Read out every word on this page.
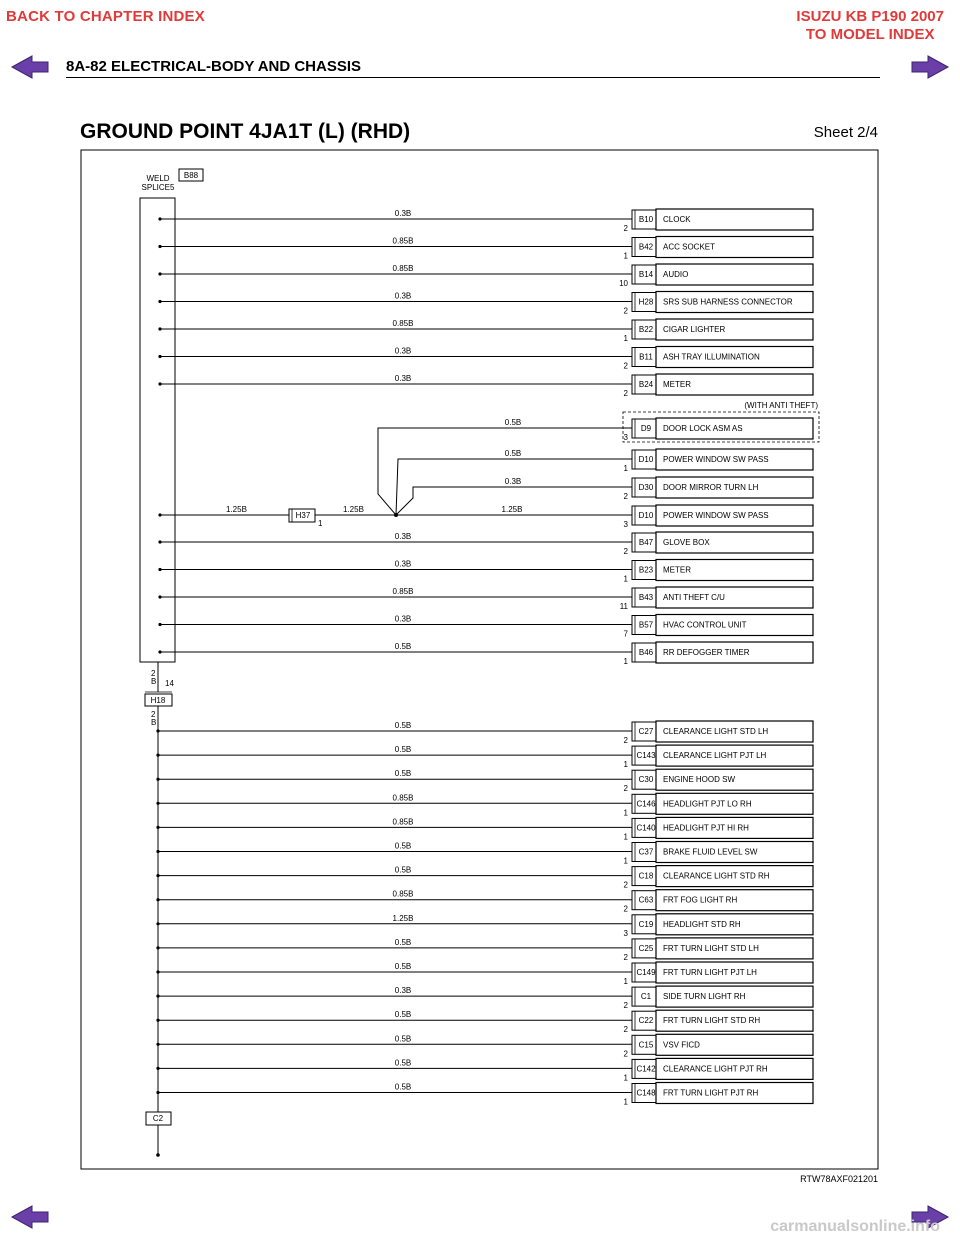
BACK TO CHAPTER INDEX	ISUZU KB P190 2007
TO MODEL INDEX
8A-82 ELECTRICAL-BODY AND CHASSIS
GROUND POINT 4JA1T (L) (RHD)	Sheet 2/4
WELD
SPLICE5
B88
(WITH ANTI THEFT)
H37
1
1.25B	1.25B
2
B 14
H18
2
B
C2
0.3B
2
B10 CLOCK
0.85B
1
B42 ACC SOCKET
0.85B
10
B14 AUDIO
0.3B
2
H28 SRS SUB HARNESS CONNECTOR
0.85B
1
B22 CIGAR LIGHTER
0.3B
2
B11 ASH TRAY ILLUMINATION
0.3B
2
B24 METER
0.5B
3
D9 DOOR LOCK ASM AS
0.5B
1
D10 POWER WINDOW SW PASS
0.3B
2
D30 DOOR MIRROR TURN LH
1.25B
3
D10 POWER WINDOW SW PASS
0.3B
2
B47 GLOVE BOX
0.3B
1
B23 METER
0.85B
11
B43 ANTI THEFT C/U
0.3B
7
B57 HVAC CONTROL UNIT
0.5B
1
B46 RR DEFOGGER TIMER
0.5B
2
C27 CLEARANCE LIGHT STD LH
0.5B
1
C143 CLEARANCE LIGHT PJT LH
0.5B
2
C30 ENGINE HOOD SW
0.85B
1
C146 HEADLIGHT PJT LO RH
0.85B
1
C140 HEADLIGHT PJT HI RH
0.5B
1
C37 BRAKE FLUID LEVEL SW
0.5B
2
C18 CLEARANCE LIGHT STD RH
0.85B
2
C63 FRT FOG LIGHT RH
1.25B
3
C19 HEADLIGHT STD RH
0.5B
2
C25 FRT TURN LIGHT STD LH
0.5B
1
C149 FRT TURN LIGHT PJT LH
0.3B
2
C1 SIDE TURN LIGHT RH
0.5B
2
C22 FRT TURN LIGHT STD RH
0.5B
2
C15 VSV FICD
0.5B
1
C142 CLEARANCE LIGHT PJT RH
0.5B
1
C148 FRT TURN LIGHT PJT RH
RTW78AXF021201
carmanualsonline.info
